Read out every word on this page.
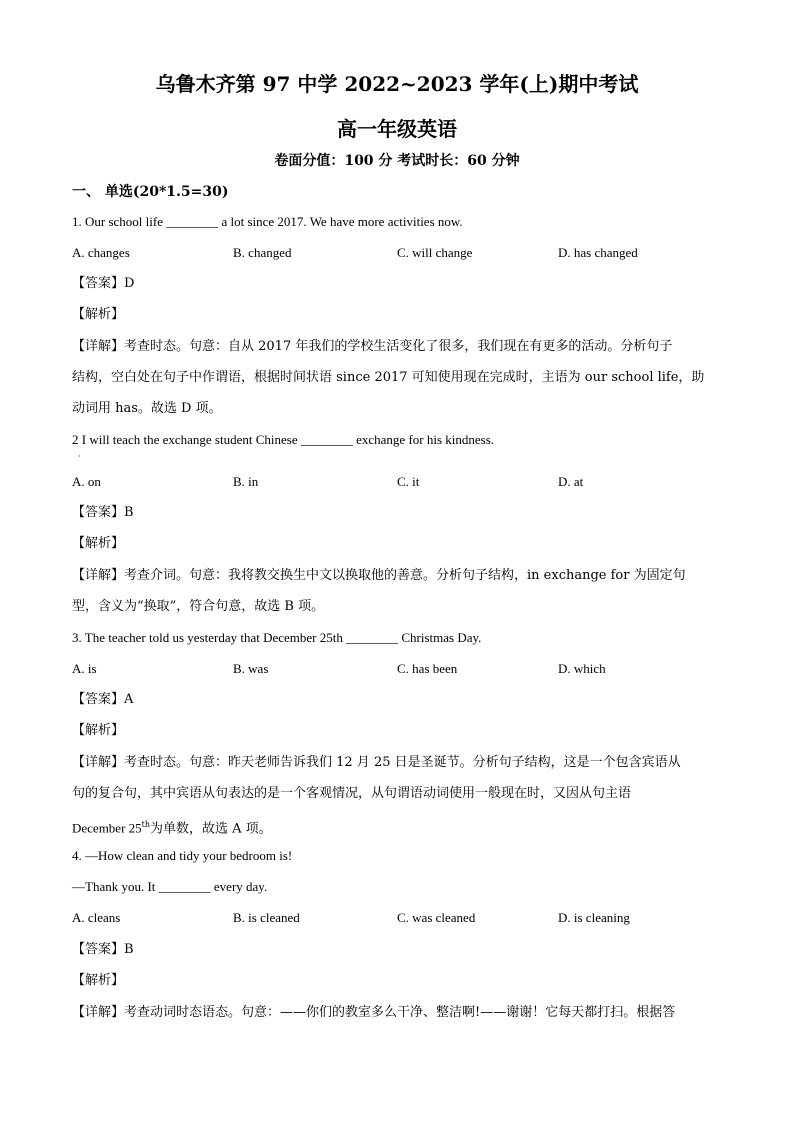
乌鲁木齐第 97 中学 2022~2023 学年(上)期中考试
高一年级英语
卷面分值：100 分 考试时长：60 分钟
一、 单选(20*1.5=30)
1. Our school life ________ a lot since 2017. We have more activities now.
A. changes	B. changed	C. will change	D. has changed
【答案】D
【解析】
【详解】考查时态。句意：自从 2017 年我们的学校生活变化了很多，我们现在有更多的活动。分析句子
结构，空白处在句子中作谓语，根据时间状语 since 2017 可知使用现在完成时，主语为 our school life，助
动词用 has。故选 D 项。
2 I will teach the exchange student Chinese ________ exchange for his kindness.
·
A. on	B. in	C. it	D. at
【答案】B
【解析】
【详解】考查介词。句意：我将教交换生中文以换取他的善意。分析句子结构，in exchange for 为固定句
型，含义为“换取”，符合句意，故选 B 项。
3. The teacher told us yesterday that December 25th ________ Christmas Day.
A. is	B. was	C. has been	D. which
【答案】A
【解析】
【详解】考查时态。句意：昨天老师告诉我们 12 月 25 日是圣诞节。分析句子结构，这是一个包含宾语从
句的复合句，其中宾语从句表达的是一个客观情况，从句谓语动词使用一般现在时，又因从句主语
December 25th为单数，故选 A 项。
4. —How clean and tidy your bedroom is!
—Thank you. It ________ every day.
A. cleans	B. is cleaned	C. was cleaned	D. is cleaning
【答案】B
【解析】
【详解】考查动词时态语态。句意：——你们的教室多么干净、整洁啊!——谢谢！它每天都打扫。根据答
